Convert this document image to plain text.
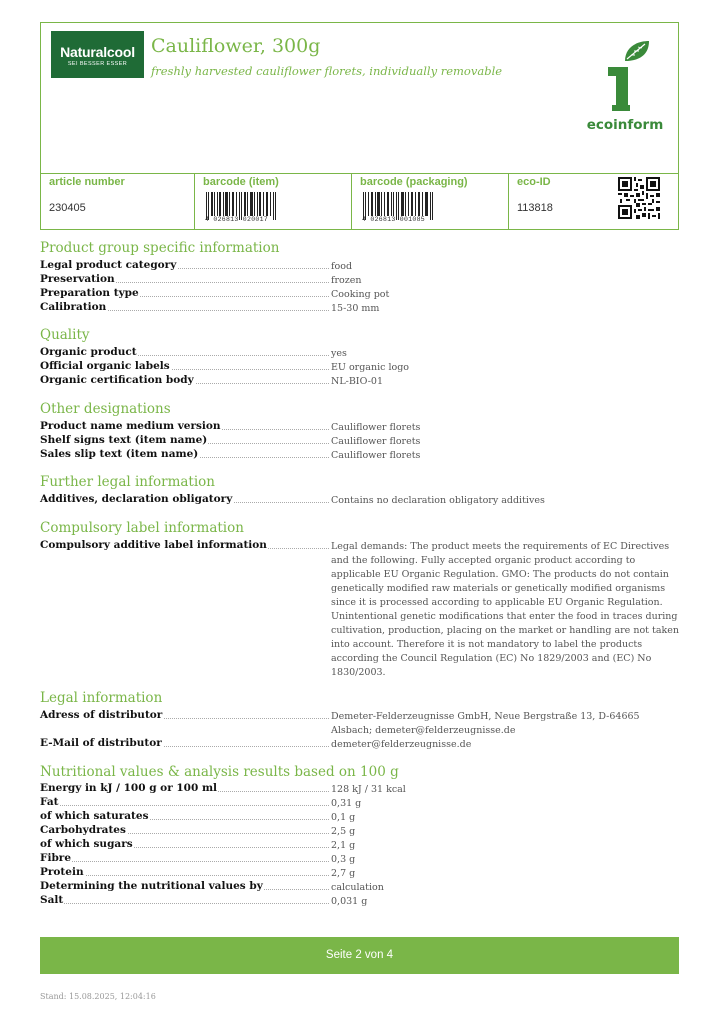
Naturalcool
SEI BESSER ESSER
Cauliflower, 300g
freshly harvested cauliflower florets, individually removable
ecoinform
article number
230405
barcode (item)
4 026813 020017
barcode (packaging)
4 026813 001085
eco-ID
113818
Product group specific information
Legal product category	food
Preservation	frozen
Preparation type	Cooking pot
Calibration	15-30 mm
Quality
Organic product	yes
Official organic labels	EU organic logo
Organic certification body	NL-BIO-01
Other designations
Product name medium version	Cauliflower florets
Shelf signs text (item name)	Cauliflower florets
Sales slip text (item name)	Cauliflower florets
Further legal information
Additives, declaration obligatory	Contains no declaration obligatory additives
Compulsory label information
Compulsory additive label information	Legal demands: The product meets the requirements of EC Directives and the following. Fully accepted organic product according to applicable EU Organic Regulation. GMO: The products do not contain genetically modified raw materials or genetically modified organisms since it is processed according to applicable EU Organic Regulation. Unintentional genetic modifications that enter the food in traces during cultivation, production, placing on the market or handling are not taken into account. Therefore it is not mandatory to label the products according the Council Regulation (EC) No 1829/2003 and (EC) No 1830/2003.
Legal information
Adress of distributor	Demeter-Felderzeugnisse GmbH, Neue Bergstraße 13, D-64665 Alsbach; demeter@felderzeugnisse.de
E-Mail of distributor	demeter@felderzeugnisse.de
Nutritional values & analysis results based on 100 g
Energy in kJ / 100 g or 100 ml	128 kJ / 31 kcal
Fat	0,31 g
of which saturates	0,1 g
Carbohydrates	2,5 g
of which sugars	2,1 g
Fibre	0,3 g
Protein	2,7 g
Determining the nutritional values by	calculation
Salt	0,031 g
Seite 2 von 4
Stand: 15.08.2025, 12:04:16
